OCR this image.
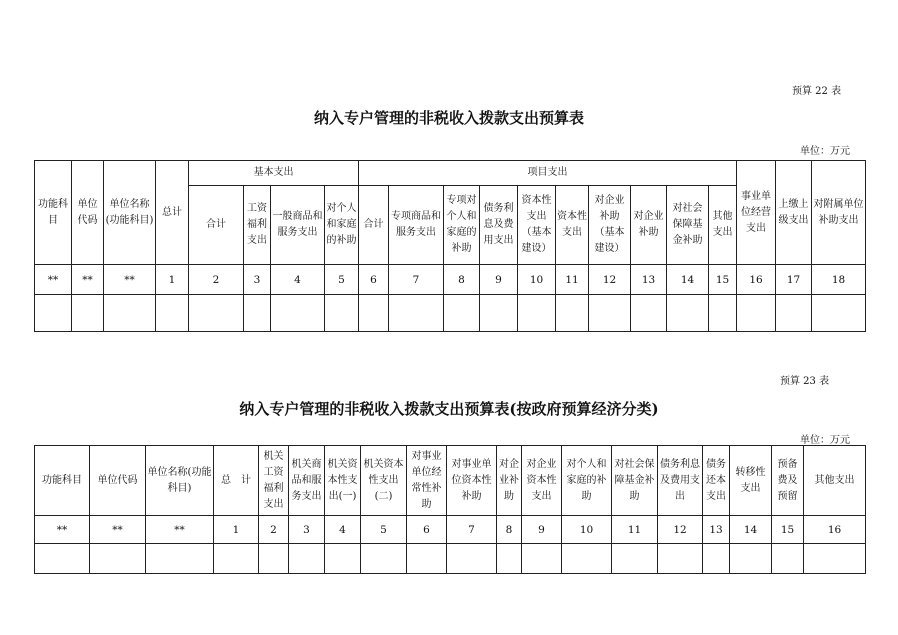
预算 22 表
纳入专户管理的非税收入拨款支出预算表
单位：万元
功能科目	单位代码	单位名称(功能科目)	总计	基本支出				项目支出										事业单位经营支出	上缴上级支出	对附属单位补助支出
				合计	工资福利支出	一般商品和服务支出	对个人和家庭的补助	合计	专项商品和服务支出	专项对个人和家庭的补助	债务利息及费用支出	资本性支出（基本建设）	资本性支出	对企业补助（基本建设）	对企业补助	对社会保障基金补助	其他支出			
**	**	**	1	2	3	4	5	6	7	8	9	10	11	12	13	14	15	16	17	18

预算 23 表
纳入专户管理的非税收入拨款支出预算表(按政府预算经济分类)
单位：万元
功能科目	单位代码	单位名称(功能科目)	总　计	机关工资福利支出	机关商品和服务支出	机关资本性支出(一)	机关资本性支出(二)	对事业单位经常性补助	对事业单位资本性补助	对企业补助	对企业资本性支出	对个人和家庭的补助	对社会保障基金补助	债务利息及费用支出	债务还本支出	转移性支出	预备费及预留	其他支出
**	**	**	1	2	3	4	5	6	7	8	9	10	11	12	13	14	15	16
